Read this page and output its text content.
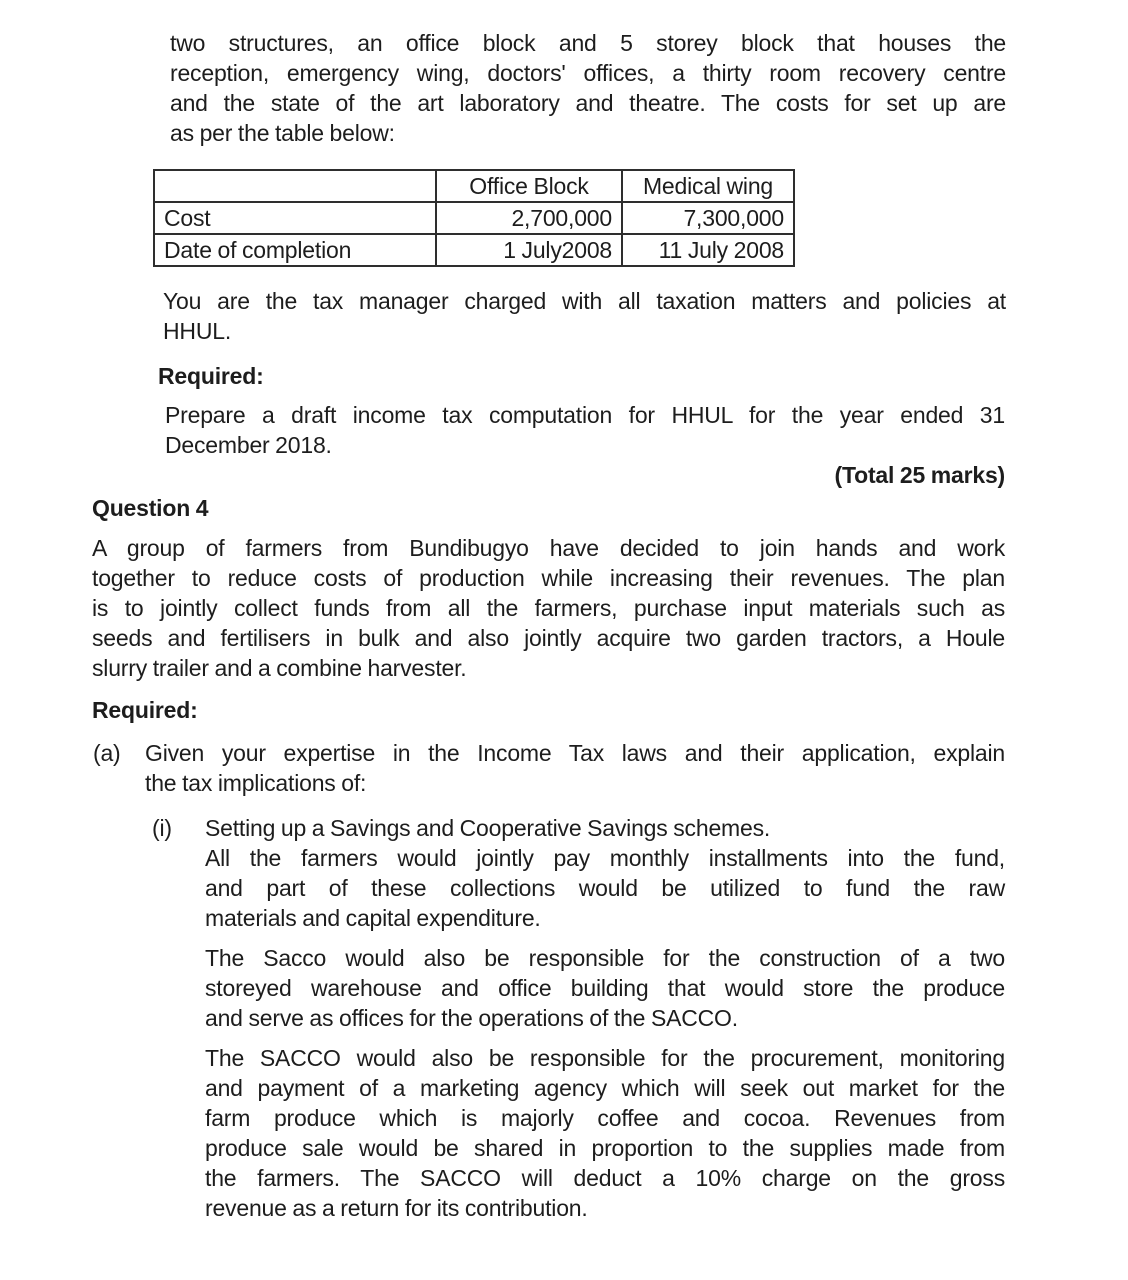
two structures, an office block and 5 storey block that houses the
reception, emergency wing, doctors' offices, a thirty room recovery centre
and the state of the art laboratory and theatre. The costs for set up are
as per the table below:
	Office Block	Medical wing
Cost	2,700,000	7,300,000
Date of completion	1 July2008	11 July 2008
You are the tax manager charged with all taxation matters and policies at
HHUL.
Required:
Prepare a draft income tax computation for HHUL for the year ended 31
December 2018.
(Total 25 marks)
Question 4
A group of farmers from Bundibugyo have decided to join hands and work
together to reduce costs of production while increasing their revenues. The plan
is to jointly collect funds from all the farmers, purchase input materials such as
seeds and fertilisers in bulk and also jointly acquire two garden tractors, a Houle
slurry trailer and a combine harvester.
Required:
(a)	Given your expertise in the Income Tax laws and their application, explain
the tax implications of:
(i)	Setting up a Savings and Cooperative Savings schemes.
All the farmers would jointly pay monthly installments into the fund,
and part of these collections would be utilized to fund the raw
materials and capital expenditure.
The Sacco would also be responsible for the construction of a two
storeyed warehouse and office building that would store the produce
and serve as offices for the operations of the SACCO.
The SACCO would also be responsible for the procurement, monitoring
and payment of a marketing agency which will seek out market for the
farm produce which is majorly coffee and cocoa. Revenues from
produce sale would be shared in proportion to the supplies made from
the farmers. The SACCO will deduct a 10% charge on the gross
revenue as a return for its contribution.
